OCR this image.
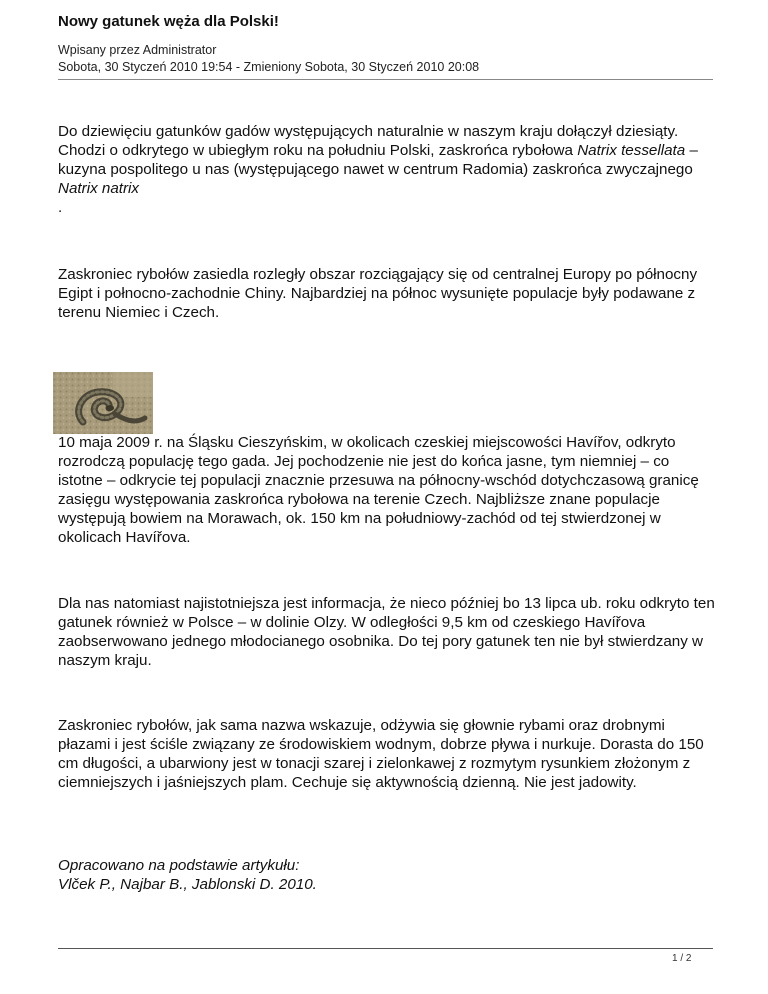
Nowy gatunek węża dla Polski!
Wpisany przez Administrator
Sobota, 30 Styczeń 2010 19:54 - Zmieniony Sobota, 30 Styczeń 2010 20:08
Do dziewięciu gatunków gadów występujących naturalnie w naszym kraju dołączył dziesiąty. Chodzi o odkrytego w ubiegłym roku na południu Polski, zaskrońca rybołowa Natrix tessellata – kuzyna pospolitego u nas (występującego nawet w centrum Radomia) zaskrońca zwyczajnego
Natrix natrix
.
Zaskroniec rybołów zasiedla rozległy obszar rozciągający się od centralnej Europy po północny Egipt i połnocno-zachodnie Chiny. Najbardziej na północ wysunięte populacje były podawane z terenu Niemiec i Czech.
10 maja 2009 r. na Śląsku Cieszyńskim, w okolicach czeskiej miejscowości Havířov, odkryto rozrodczą populację tego gada. Jej pochodzenie nie jest do końca jasne, tym niemniej – co istotne – odkrycie tej populacji znacznie przesuwa na północny-wschód dotychczasową granicę zasięgu występowania zaskrońca rybołowa na terenie Czech. Najbliższe znane populacje występują bowiem na Morawach, ok. 150 km na południowy-zachód od tej stwierdzonej w okolicach Havířova.
Dla nas natomiast najistotniejsza jest informacja, że nieco później bo 13 lipca ub. roku odkryto ten gatunek również w Polsce – w dolinie Olzy. W odległości 9,5 km od czeskiego Havířova zaobserwowano jednego młodocianego osobnika. Do tej pory gatunek ten nie był stwierdzany w naszym kraju.
Zaskroniec rybołów, jak sama nazwa wskazuje, odżywia się głownie rybami oraz drobnymi płazami i jest ściśle związany ze środowiskiem wodnym, dobrze pływa i nurkuje. Dorasta do 150 cm długości, a ubarwiony jest w tonacji szarej i zielonkawej z rozmytym rysunkiem złożonym z ciemniejszych i jaśniejszych plam. Cechuje się aktywnością dzienną. Nie jest jadowity.
Opracowano na podstawie artykułu:
Vlček P., Najbar B., Jablonski D. 2010.
1 / 2
